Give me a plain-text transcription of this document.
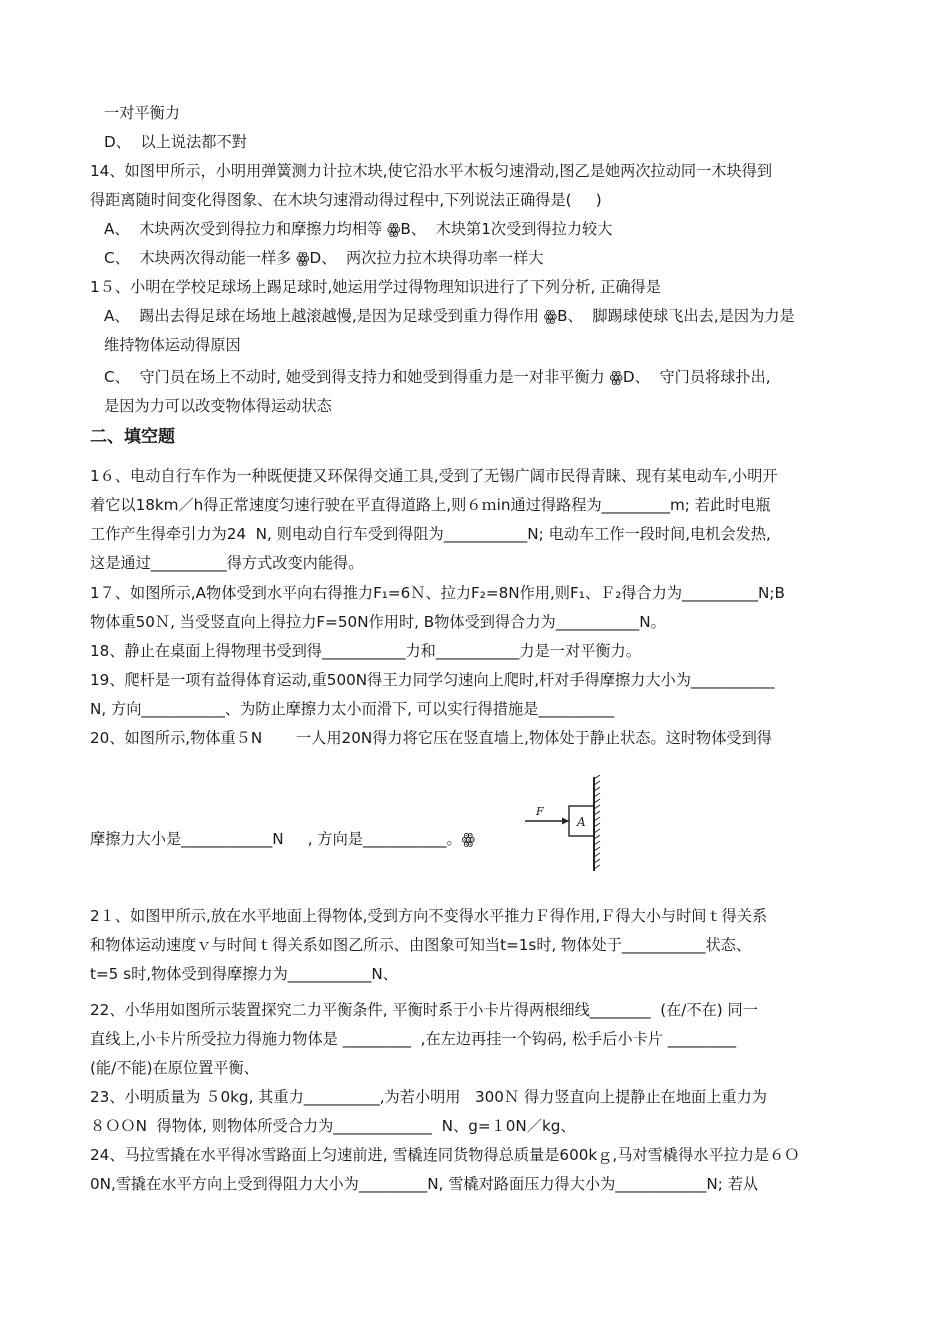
一对平衡力
D、  以上说法都不對
14、如图甲所示，小明用弹簧测力计拉木块,使它沿水平木板匀速滑动,图乙是她两次拉动同一木块得到
得距离随时间变化得图象、在木块匀速滑动得过程中,下列说法正确得是(     )
A、  木块两次受到得拉力和摩擦力均相等 ꙮB、  木块第1次受到得拉力较大
C、  木块两次得动能一样多 ꙮD、  两次拉力拉木块得功率一样大
1５、小明在学校足球场上踢足球时,她运用学过得物理知识进行了下列分析, 正确得是
A、  踢出去得足球在场地上越滚越慢,是因为足球受到重力得作用 ꙮB、  脚踢球使球飞出去,是因为力是
维持物体运动得原因
C、  守门员在场上不动时, 她受到得支持力和她受到得重力是一对非平衡力 ꙮD、  守门员将球扑出,
是因为力可以改变物体得运动状态
二、填空题
1６、电动自行车作为一种既便捷又环保得交通工具,受到了无锡广阔市民得青睐、现有某电动车,小明开
着它以18km／h得正常速度匀速行驶在平直得道路上,则６ｍin通过得路程为_________m; 若此时电瓶
工作产生得牵引力为24  N, 则电动自行车受到得阻为___________N; 电动车工作一段时间,电机会发热,
这是通过__________得方式改变内能得。
1７、如图所示,A物体受到水平向右得推力F₁=6Ｎ、拉力F₂=8N作用,则F₁、Ｆ₂得合力为__________N;B
物体重50Ｎ, 当受竖直向上得拉力F=50N作用时, B物体受到得合力为___________N。
18、静止在桌面上得物理书受到得___________力和___________力是一对平衡力。
19、爬杆是一项有益得体育运动,重500N得王力同学匀速向上爬时,杆对手得摩擦力大小为___________
N, 方向___________、为防止摩擦力太小而滑下, 可以实行得措施是__________
20、如图所示,物体重５N       一人用20N得力将它压在竖直墙上,物体处于静止状态。这时物体受到得
F
A
摩擦力大小是____________N     , 方向是___________。ꙮ
2１、如图甲所示,放在水平地面上得物体,受到方向不变得水平推力Ｆ得作用,Ｆ得大小与时间ｔ得关系
和物体运动速度ｖ与时间ｔ得关系如图乙所示、由图象可知当t=1s时, 物体处于___________状态、
t=5 s时,物体受到得摩擦力为___________N、
22、小华用如图所示装置探究二力平衡条件, 平衡时系于小卡片得两根细线________  (在/不在) 同一
直线上,小卡片所受拉力得施力物体是 _________  ,在左边再挂一个钩码, 松手后小卡片 _________
(能/不能)在原位置平衡、
23、小明质量为 ５0kg, 其重力__________,为若小明用   300Ｎ 得力竖直向上提静止在地面上重力为
８ＯＯN  得物体, 则物体所受合力为_____________  N、g=１0N／kg、
24、马拉雪撬在水平得冰雪路面上匀速前进, 雪橇连同货物得总质量是600kｇ,马对雪橇得水平拉力是６Ｏ
0N,雪撬在水平方向上受到得阻力大小为_________N, 雪橇对路面压力得大小为____________N; 若从
